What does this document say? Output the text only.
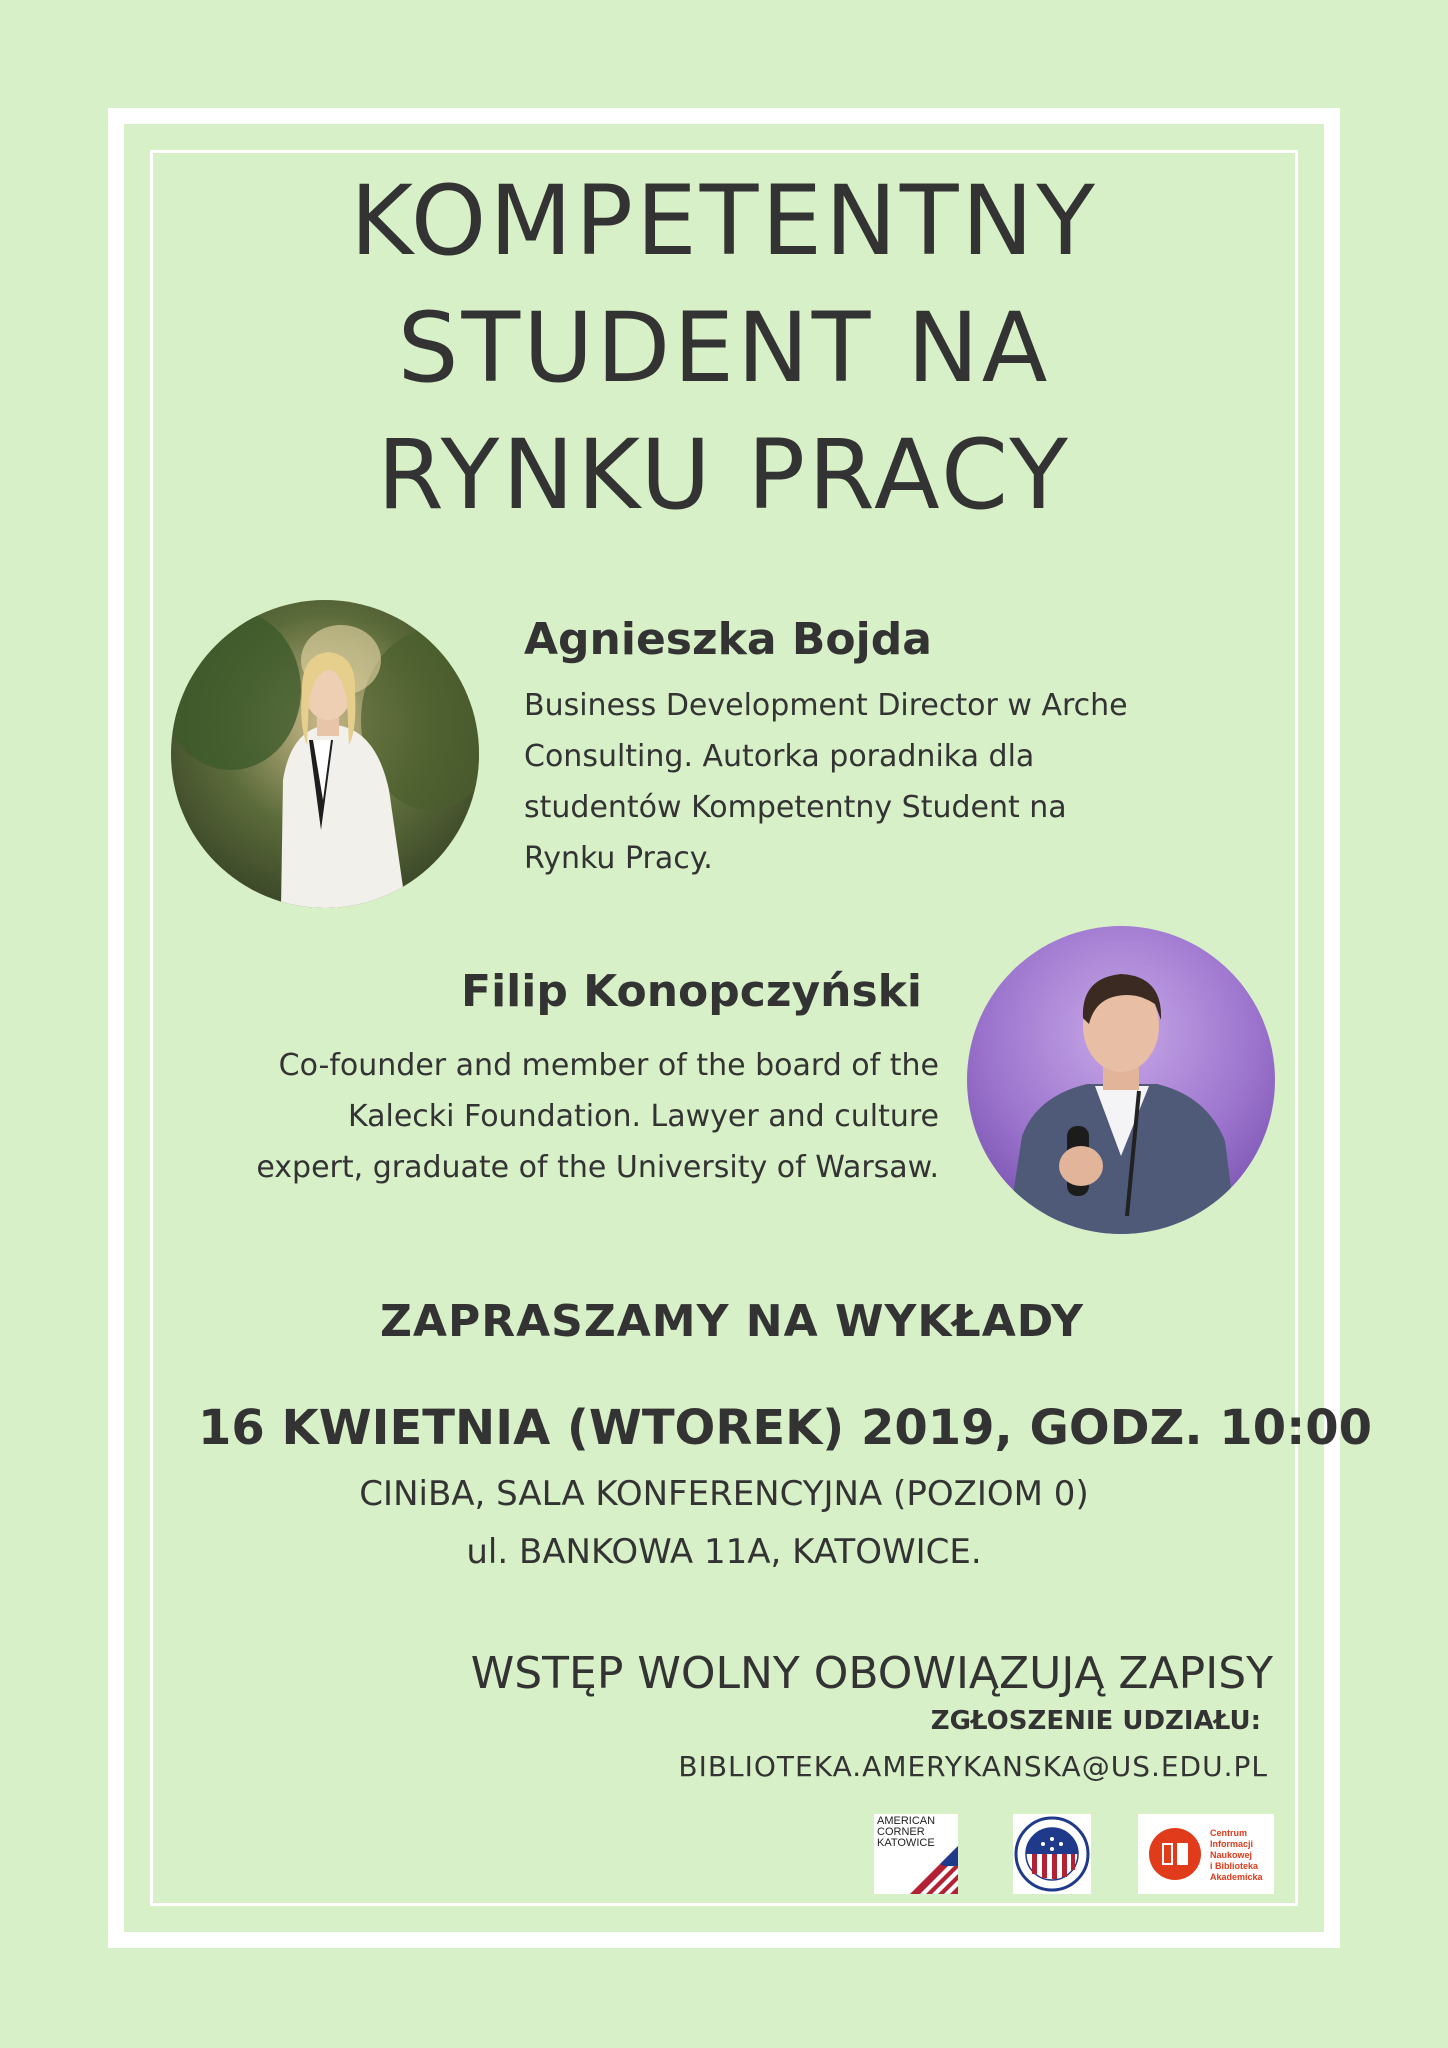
KOMPETENTNY
STUDENT NA
RYNKU PRACY
Agnieszka Bojda

Business Development Director w Arche
Consulting. Autorka poradnika dla
studentów Kompetentny Student na
Rynku Pracy.

Filip Konopczyński

Co-founder and member of the board of the
Kalecki Foundation. Lawyer and culture
expert, graduate of the University of Warsaw.

ZAPRASZAMY NA WYKŁADY

16 KWIETNIA (WTOREK) 2019, GODZ. 10:00

CINiBA, SALA KONFERENCYJNA (POZIOM 0)

ul. BANKOWA 11A, KATOWICE.

WSTĘP WOLNY OBOWIĄZUJĄ ZAPISY

ZGŁOSZENIE UDZIAŁU:

BIBLIOTEKA.AMERYKANSKA@US.EDU.PL

AMERICAN
CORNER
KATOWICE
Centrum
Informacji
Naukowej
i Biblioteka
Akademicka
